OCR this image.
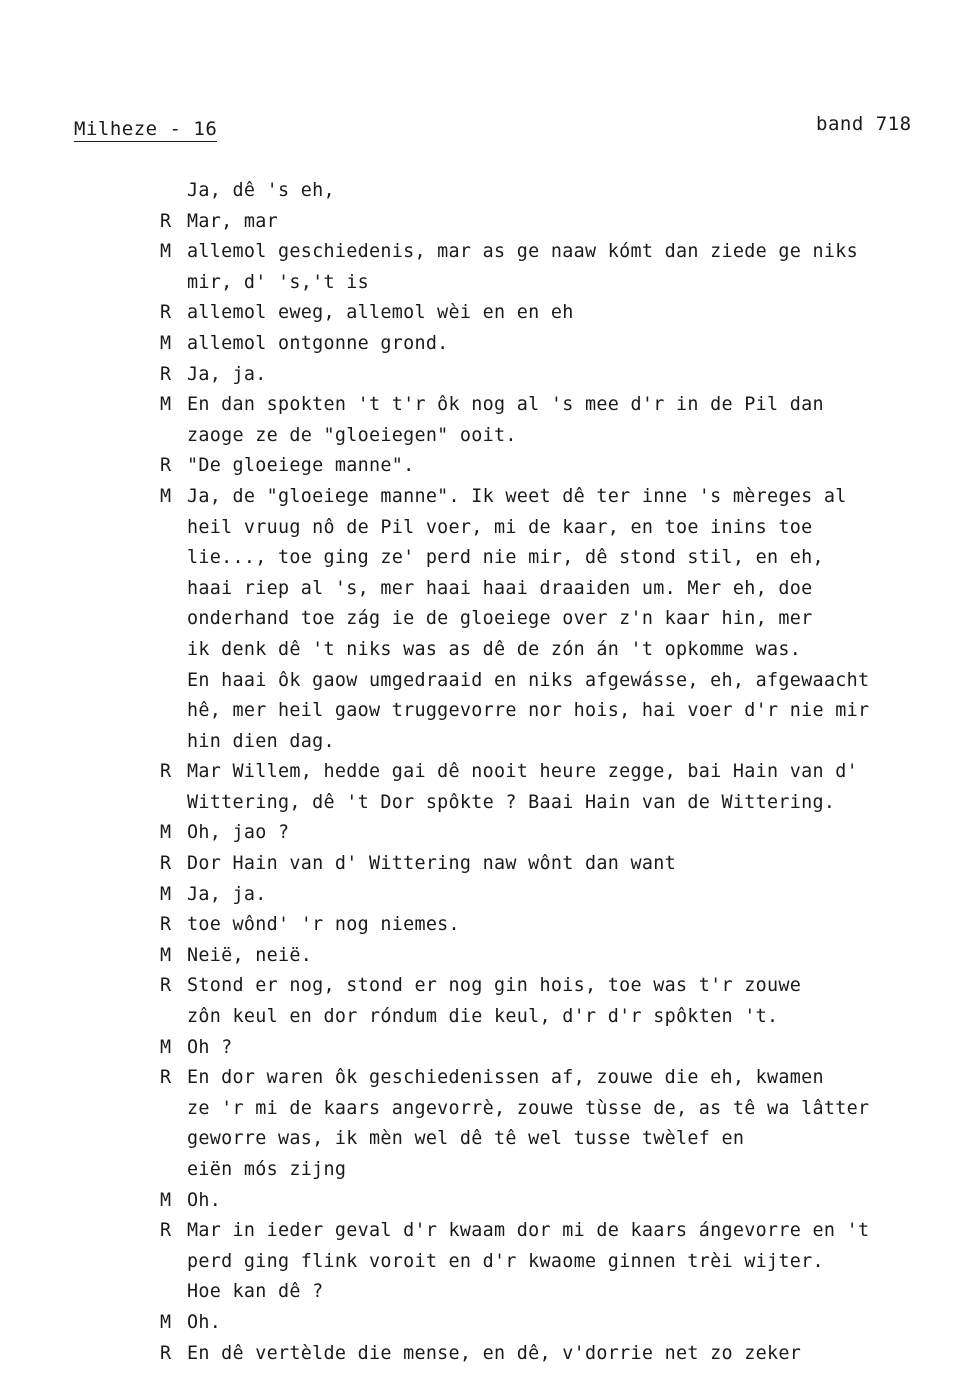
Milheze - 16	band 718
Ja, dê 's eh,
R Mar, mar
M allemol geschiedenis, mar as ge naaw kómt dan ziede ge niks
mir, d' 's,'t is
R allemol eweg, allemol wèi en en eh
M allemol ontgonne grond.
R Ja, ja.
M En dan spokten 't t'r ôk nog al 's mee d'r in de Pil dan
zaoge ze de "gloeiegen" ooit.
R "De gloeiege manne".
M Ja, de "gloeiege manne". Ik weet dê ter inne 's mèreges al
heil vruug nô de Pil voer, mi de kaar, en toe inins toe
lie..., toe ging ze' perd nie mir, dê stond stil, en eh,
haai riep al 's, mer haai haai draaiden um. Mer eh, doe
onderhand toe zág ie de gloeiege over z'n kaar hin, mer
ik denk dê 't niks was as dê de zón án 't opkomme was.
En haai ôk gaow umgedraaid en niks afgewásse, eh, afgewaacht
hê, mer heil gaow truggevorre nor hois, hai voer d'r nie mir
hin dien dag.
R Mar Willem, hedde gai dê nooit heure zegge, bai Hain van d'
Wittering, dê 't Dor spôkte ? Baai Hain van de Wittering.
M Oh, jao ?
R Dor Hain van d' Wittering naw wônt dan want
M Ja, ja.
R toe wônd' 'r nog niemes.
M Neië, neië.
R Stond er nog, stond er nog gin hois, toe was t'r zouwe
zôn keul en dor róndum die keul, d'r d'r spôkten 't.
M Oh ?
R En dor waren ôk geschiedenissen af, zouwe die eh, kwamen
ze 'r mi de kaars angevorrè, zouwe tùsse de, as tê wa lâtter
geworre was, ik mèn wel dê tê wel tusse twèlef en
eiën mós zijng
M Oh.
R Mar in ieder geval d'r kwaam dor mi de kaars ángevorre en 't
perd ging flink voroit en d'r kwaome ginnen trèi wijter.
Hoe kan dê ?
M Oh.
R En dê vertèlde die mense, en dê, v'dorrie net zo zeker
